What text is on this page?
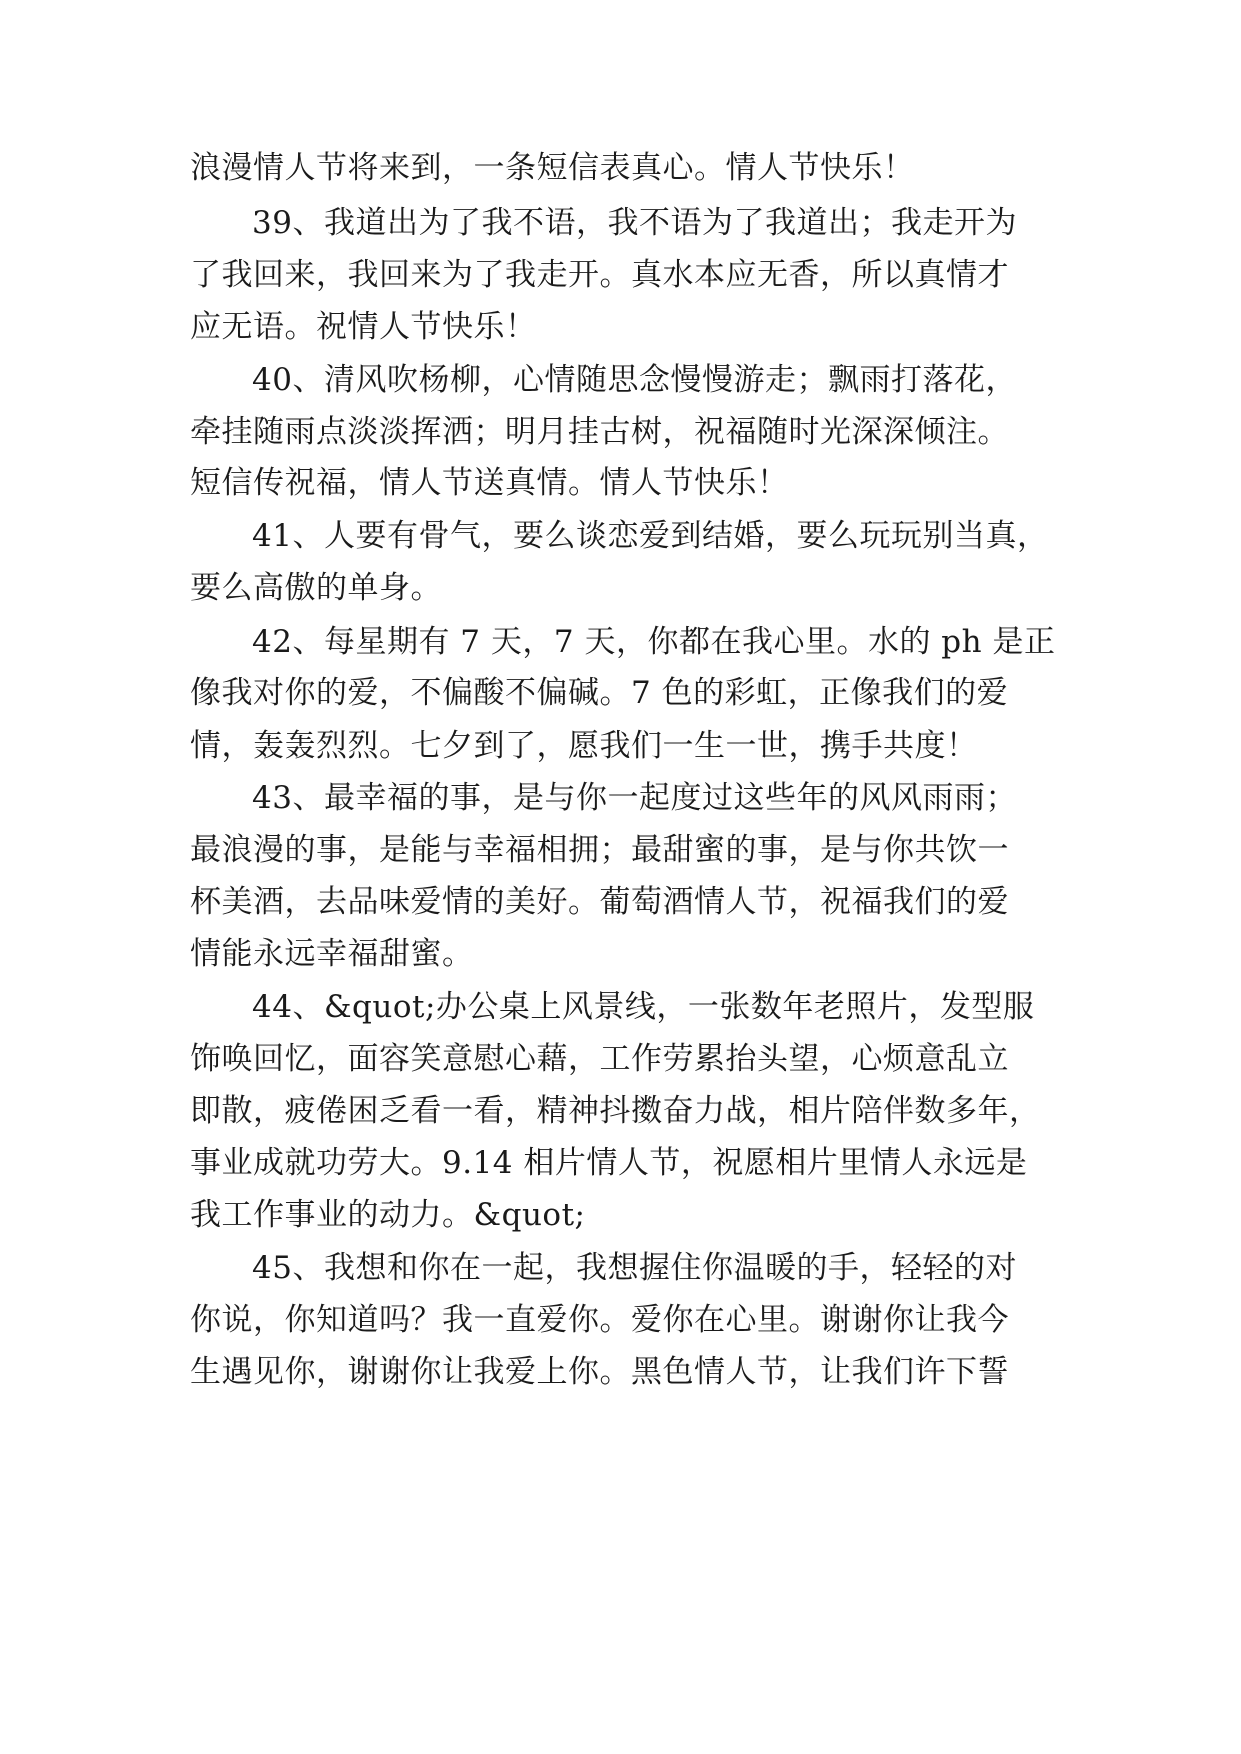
浪漫情人节将来到，一条短信表真心。情人节快乐！
39、我道出为了我不语，我不语为了我道出；我走开为
了我回来，我回来为了我走开。真水本应无香，所以真情才
应无语。祝情人节快乐！
40、清风吹杨柳，心情随思念慢慢游走；飘雨打落花，
牵挂随雨点淡淡挥洒；明月挂古树，祝福随时光深深倾注。
短信传祝福，情人节送真情。情人节快乐！
41、人要有骨气，要么谈恋爱到结婚，要么玩玩别当真，
要么高傲的单身。
42、每星期有 7 天，7 天，你都在我心里。水的 ph 是正
像我对你的爱，不偏酸不偏碱。7 色的彩虹，正像我们的爱
情，轰轰烈烈。七夕到了，愿我们一生一世，携手共度！
43、最幸福的事，是与你一起度过这些年的风风雨雨；
最浪漫的事，是能与幸福相拥；最甜蜜的事，是与你共饮一
杯美酒，去品味爱情的美好。葡萄酒情人节，祝福我们的爱
情能永远幸福甜蜜。
44、&quot;办公桌上风景线，一张数年老照片，发型服
饰唤回忆，面容笑意慰心藉，工作劳累抬头望，心烦意乱立
即散，疲倦困乏看一看，精神抖擞奋力战，相片陪伴数多年，
事业成就功劳大。9.14 相片情人节，祝愿相片里情人永远是
我工作事业的动力。&quot;
45、我想和你在一起，我想握住你温暖的手，轻轻的对
你说，你知道吗？我一直爱你。爱你在心里。谢谢你让我今
生遇见你，谢谢你让我爱上你。黑色情人节，让我们许下誓
